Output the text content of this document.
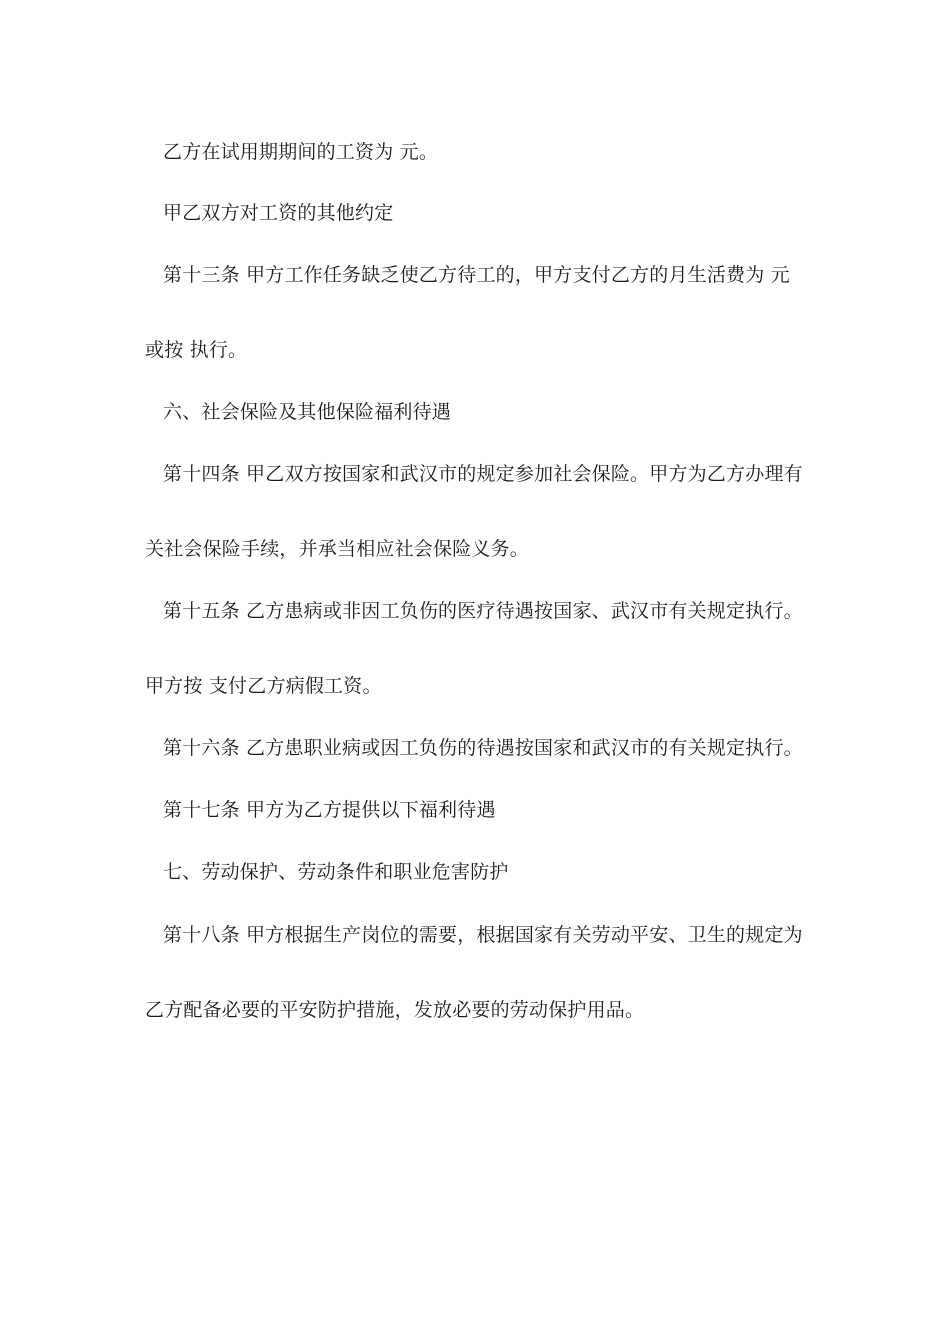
乙方在试用期期间的工资为 元。
甲乙双方对工资的其他约定
第十三条 甲方工作任务缺乏使乙方待工的，甲方支付乙方的月生活费为 元
或按 执行。
六、社会保险及其他保险福利待遇
第十四条 甲乙双方按国家和武汉市的规定参加社会保险。甲方为乙方办理有
关社会保险手续，并承当相应社会保险义务。
第十五条 乙方患病或非因工负伤的医疗待遇按国家、武汉市有关规定执行。
甲方按 支付乙方病假工资。
第十六条 乙方患职业病或因工负伤的待遇按国家和武汉市的有关规定执行。
第十七条 甲方为乙方提供以下福利待遇
七、劳动保护、劳动条件和职业危害防护
第十八条 甲方根据生产岗位的需要，根据国家有关劳动平安、卫生的规定为
乙方配备必要的平安防护措施，发放必要的劳动保护用品。
